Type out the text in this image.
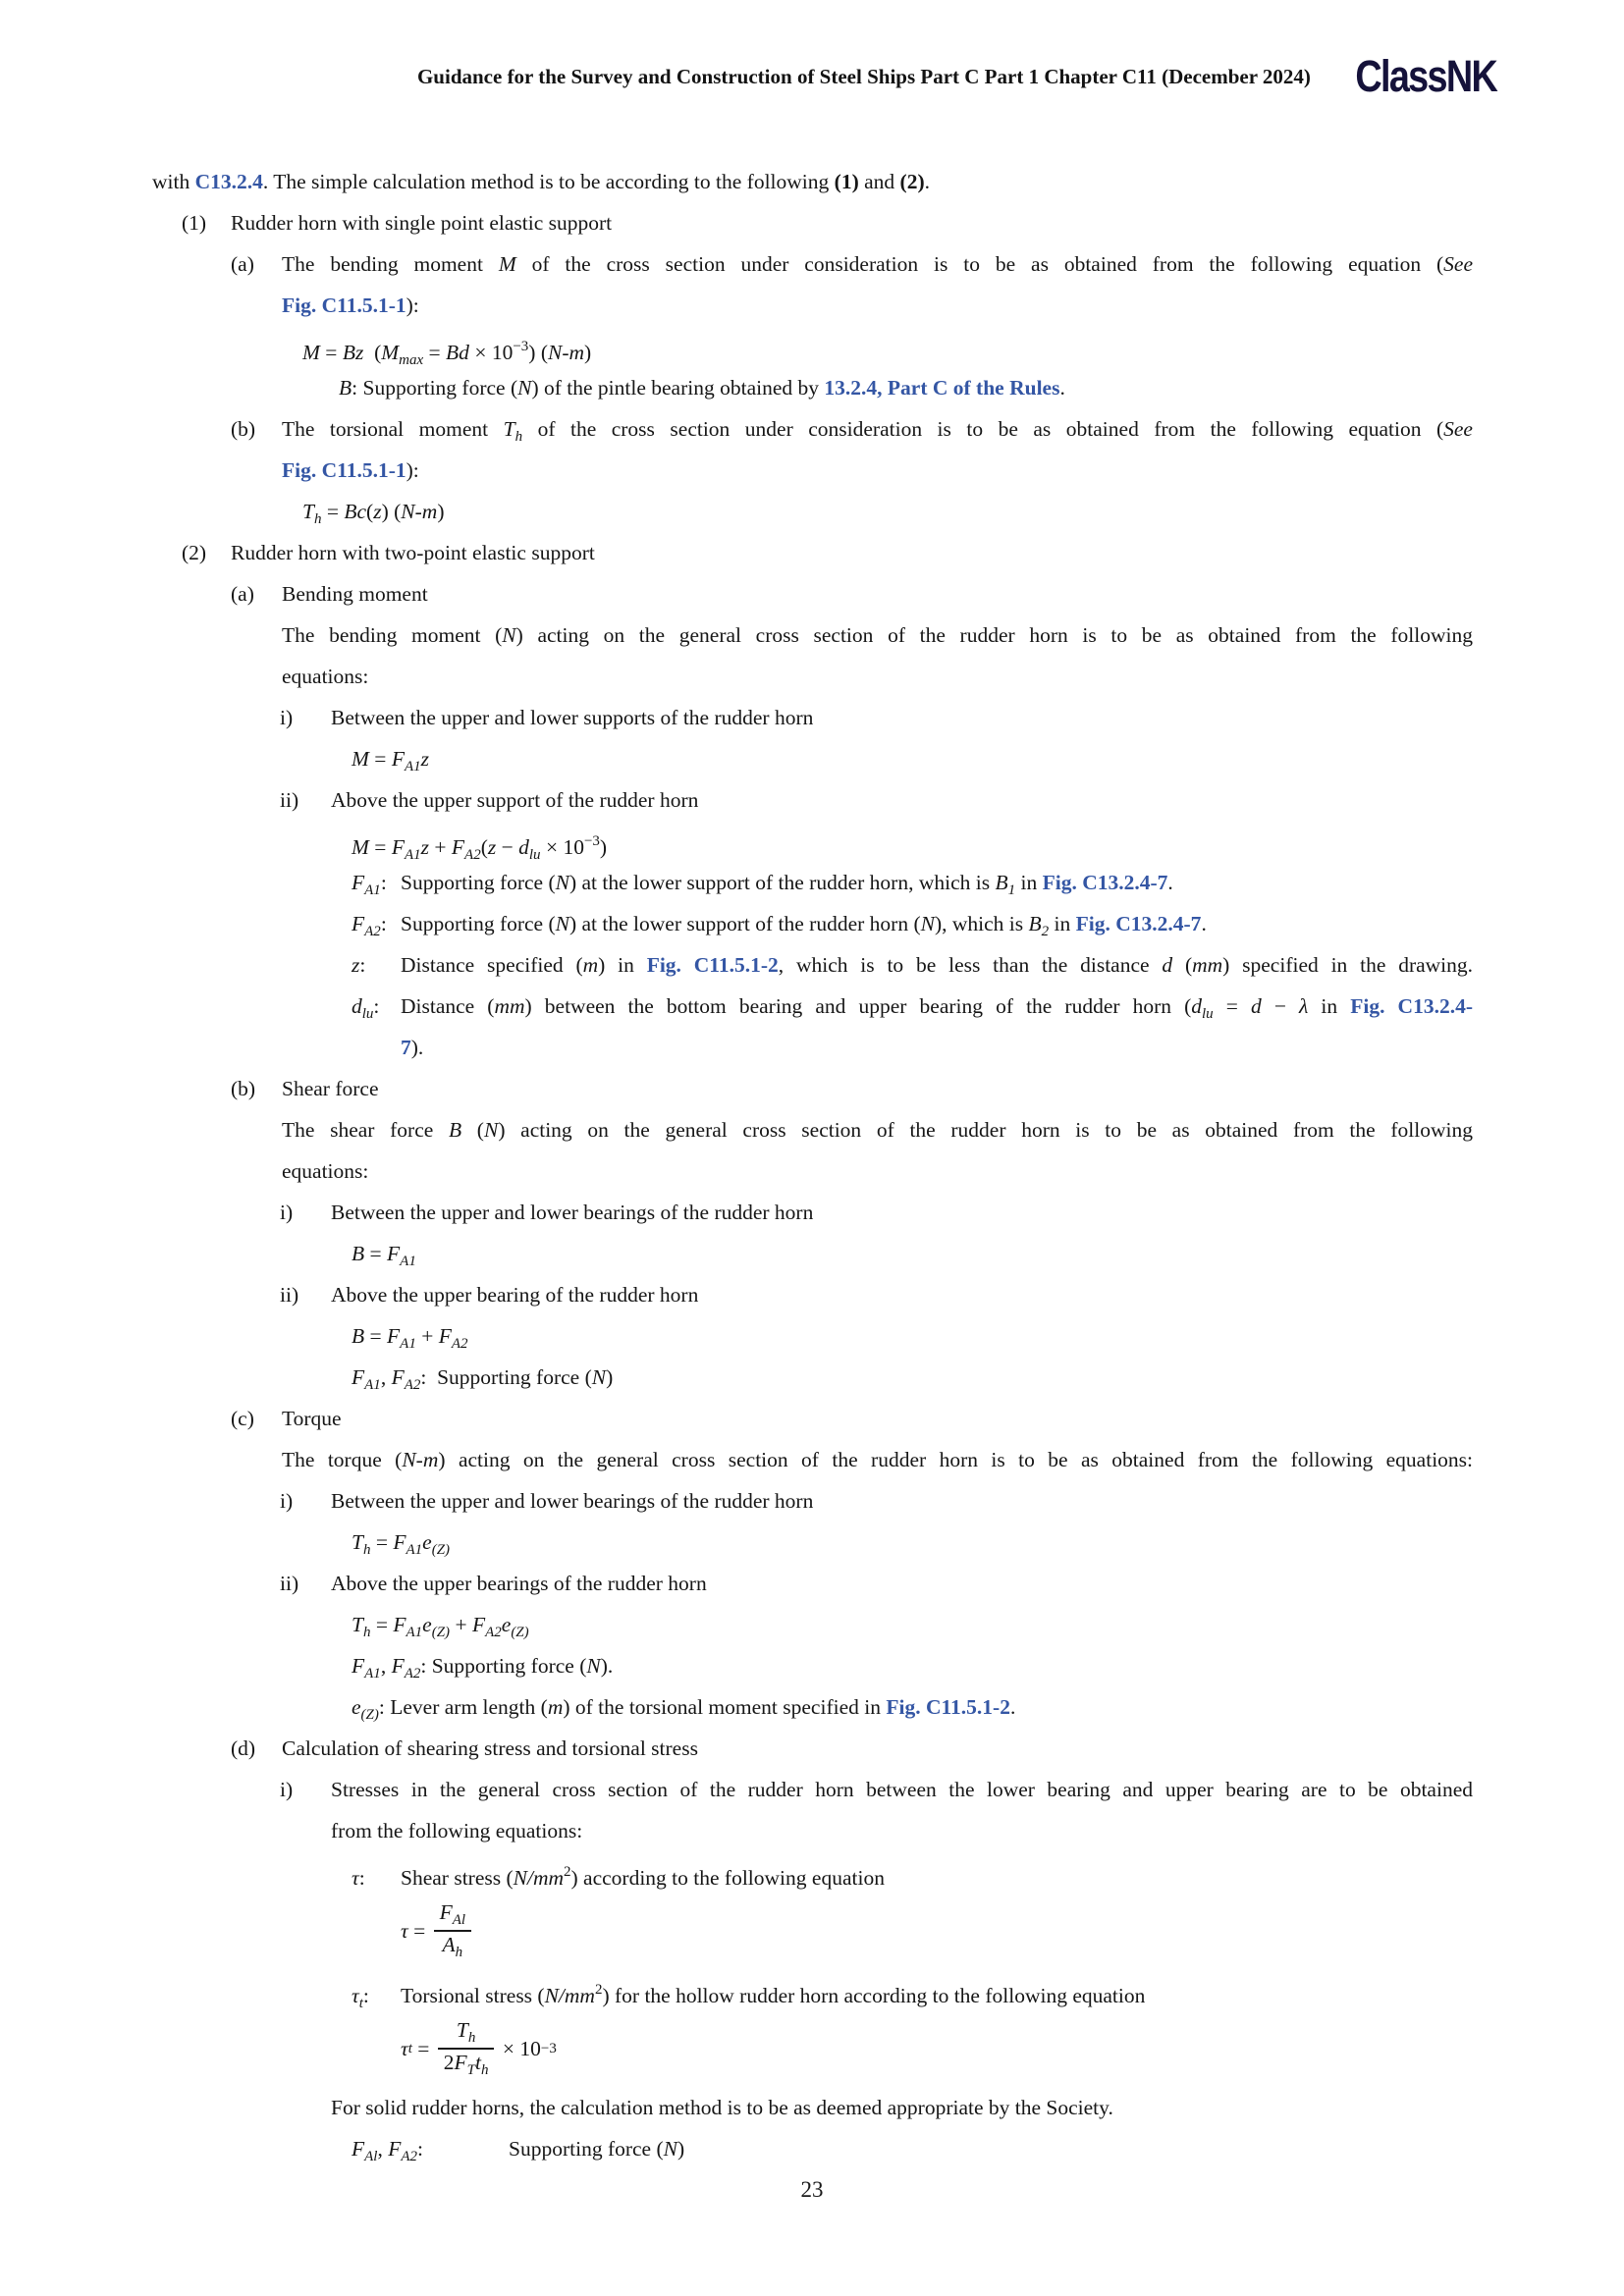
Guidance for the Survey and Construction of Steel Ships Part C Part 1 Chapter C11 (December 2024) ClassNK
with C13.2.4. The simple calculation method is to be according to the following (1) and (2).
(1)	Rudder horn with single point elastic support
(a)	The bending moment M of the cross section under consideration is to be as obtained from the following equation (See
Fig. C11.5.1-1):
M = Bz  $(M_{max} = Bd \times 10^{-3})$ (N-m)
B: Supporting force (N) of the pintle bearing obtained by 13.2.4, Part C of the Rules.
(b)	The torsional moment $T_h$ of the cross section under consideration is to be as obtained from the following equation (See
Fig. C11.5.1-1):
$T_h = Bc(z)$ (N-m)
(2)	Rudder horn with two-point elastic support
(a)	Bending moment
The bending moment (N) acting on the general cross section of the rudder horn is to be as obtained from the following
equations:
i)	Between the upper and lower supports of the rudder horn
$M = F_{A1}z$
ii)	Above the upper support of the rudder horn
$M = F_{A1}z + F_{A2}(z - d_{lu} \times 10^{-3})$
$F_{A1}$: Supporting force (N) at the lower support of the rudder horn, which is $B_1$ in Fig. C13.2.4-7.
$F_{A2}$: Supporting force (N) at the lower support of the rudder horn (N), which is $B_2$ in Fig. C13.2.4-7.
z:	Distance specified (m) in Fig. C11.5.1-2, which is to be less than the distance d (mm) specified in the drawing.
$d_{lu}$:	Distance (mm) between the bottom bearing and upper bearing of the rudder horn ($d_{lu} = d - \lambda$ in Fig. C13.2.4-
7).
(b)	Shear force
The shear force B (N) acting on the general cross section of the rudder horn is to be as obtained from the following
equations:
i)	Between the upper and lower bearings of the rudder horn
$B = F_{A1}$
ii)	Above the upper bearing of the rudder horn
$B = F_{A1} + F_{A2}$
$F_{A1}$, $F_{A2}$:  Supporting force (N)
(c)	Torque
The torque (N-m) acting on the general cross section of the rudder horn is to be as obtained from the following equations:
i)	Between the upper and lower bearings of the rudder horn
$T_h = F_{A1}e_{(Z)}$
ii)	Above the upper bearings of the rudder horn
$T_h = F_{A1}e_{(Z)} + F_{A2}e_{(Z)}$
$F_{A1}$, $F_{A2}$: Supporting force (N).
$e_{(Z)}$: Lever arm length (m) of the torsional moment specified in Fig. C11.5.1-2.
(d)	Calculation of shearing stress and torsional stress
i)	Stresses in the general cross section of the rudder horn between the lower bearing and upper bearing are to be obtained
from the following equations:
τ:	Shear stress $(N/mm^2)$ according to the following equation
$\tau = \frac{F_{Al}}{A_h}$
$\tau_t$:	Torsional stress $(N/mm^2)$ for the hollow rudder horn according to the following equation
τ $t = \frac{T_h}{2F_Tt_h} \times 10 -3$
For solid rudder horns, the calculation method is to be as deemed appropriate by the Society.
$F_{Al}$, $F_{A2}$:	Supporting force (N)
23
